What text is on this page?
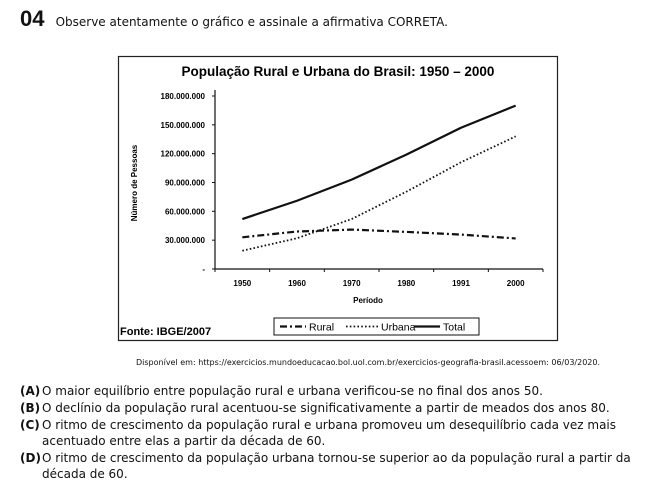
04 Observe atentamente o gráfico e assinale a afirmativa CORRETA.
População Rural e Urbana do Brasil: 1950 – 2000
-
30.000.000
60.000.000
90.000.000
120.000.000
150.000.000
180.000.000
1950	1960	1970	1980	1991	2000
Número de Pessoas
Período
Rural	Urbana	Total
Fonte: IBGE/2007
Disponível em: https://exercicios.mundoeducacao.bol.uol.com.br/exercicios-geografia-brasil.acessoem: 06/03/2020.
(A) O maior equilíbrio entre população rural e urbana verificou-se no final dos anos 50.
(B) O declínio da população rural acentuou-se significativamente a partir de meados dos anos 80.
(C) O ritmo de crescimento da população rural e urbana promoveu um desequilíbrio cada vez mais acentuado entre elas a partir da década de 60.
(D) O ritmo de crescimento da população urbana tornou-se superior ao da população rural a partir da década de 60.
